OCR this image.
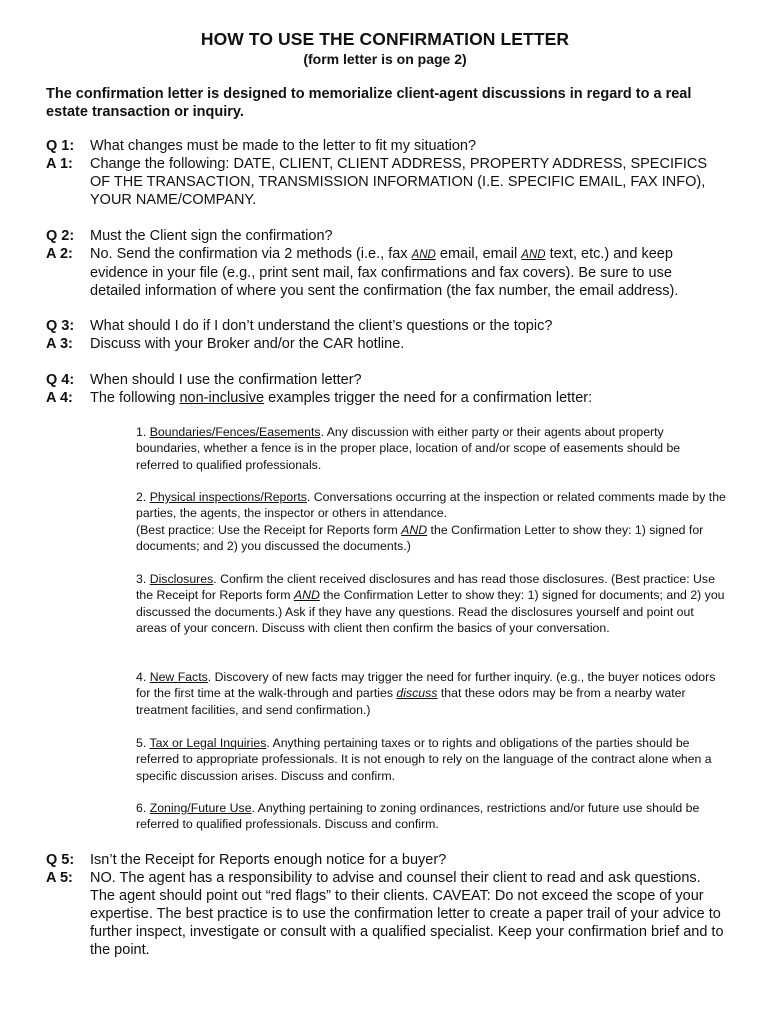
HOW TO USE THE CONFIRMATION LETTER
(form letter is on page 2)
The confirmation letter is designed to memorialize client-agent discussions in regard to a real estate transaction or inquiry.
Q 1:	What changes must be made to the letter to fit my situation?
A 1:	Change the following: DATE, CLIENT, CLIENT ADDRESS, PROPERTY ADDRESS, SPECIFICS OF THE TRANSACTION, TRANSMISSION INFORMATION (I.E. SPECIFIC EMAIL, FAX INFO), YOUR NAME/COMPANY.
Q 2:	Must the Client sign the confirmation?
A 2:	No. Send the confirmation via 2 methods (i.e., fax AND email, email AND text, etc.) and keep evidence in your file (e.g., print sent mail, fax confirmations and fax covers). Be sure to use detailed information of where you sent the confirmation (the fax number, the email address).
Q 3:	What should I do if I don’t understand the client’s questions or the topic?
A 3:	Discuss with your Broker and/or the CAR hotline.
Q 4:	When should I use the confirmation letter?
A 4:	The following non-inclusive examples trigger the need for a confirmation letter:
1. Boundaries/Fences/Easements. Any discussion with either party or their agents about property boundaries, whether a fence is in the proper place, location of and/or scope of easements should be referred to qualified professionals.
2. Physical inspections/Reports. Conversations occurring at the inspection or related comments made by the parties, the agents, the inspector or others in attendance.
(Best practice: Use the Receipt for Reports form AND the Confirmation Letter to show they: 1) signed for documents; and 2) you discussed the documents.)
3. Disclosures. Confirm the client received disclosures and has read those disclosures. (Best practice: Use the Receipt for Reports form AND the Confirmation Letter to show they: 1) signed for documents; and 2) you discussed the documents.) Ask if they have any questions. Read the disclosures yourself and point out areas of your concern. Discuss with client then confirm the basics of your conversation.
4. New Facts. Discovery of new facts may trigger the need for further inquiry. (e.g., the buyer notices odors for the first time at the walk-through and parties discuss that these odors may be from a nearby water treatment facilities, and send confirmation.)
5. Tax or Legal Inquiries. Anything pertaining taxes or to rights and obligations of the parties should be referred to appropriate professionals. It is not enough to rely on the language of the contract alone when a specific discussion arises. Discuss and confirm.
6. Zoning/Future Use. Anything pertaining to zoning ordinances, restrictions and/or future use should be referred to qualified professionals. Discuss and confirm.
Q 5:	Isn’t the Receipt for Reports enough notice for a buyer?
A 5:	NO. The agent has a responsibility to advise and counsel their client to read and ask questions. The agent should point out “red flags” to their clients. CAVEAT: Do not exceed the scope of your expertise. The best practice is to use the confirmation letter to create a paper trail of your advice to further inspect, investigate or consult with a qualified specialist. Keep your confirmation brief and to the point.
